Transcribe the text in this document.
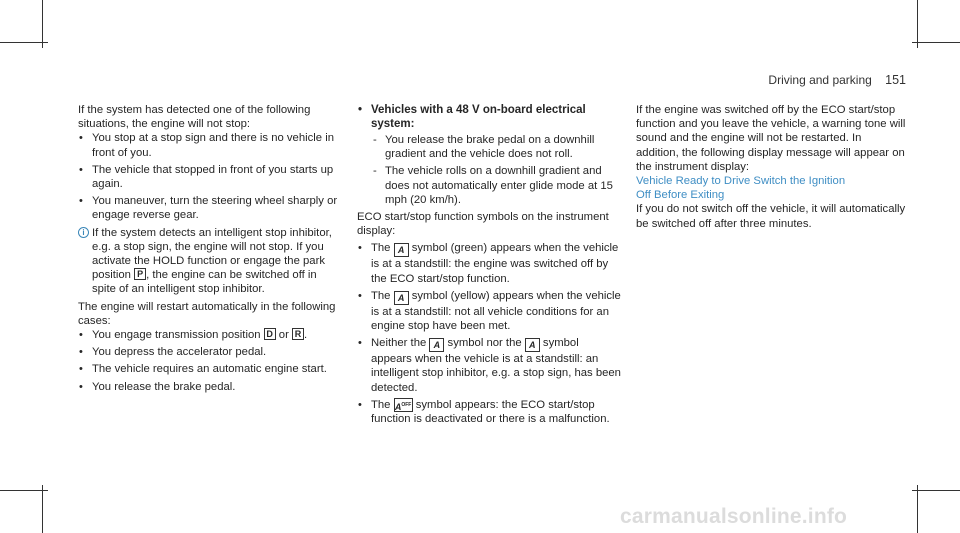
Driving and parking 151

If the system has detected one of the following situations, the engine will not stop:

• You stop at a stop sign and there is no vehicle in front of you.
• The vehicle that stopped in front of you starts up again.
• You maneuver, turn the steering wheel sharply or engage reverse gear.
i If the system detects an intelligent stop inhibitor, e.g. a stop sign, the engine will not stop. If you activate the HOLD function or engage the park position P , the engine can be switched off in spite of an intelligent stop inhibitor.

The engine will restart automatically in the following cases:

• You engage transmission position D or R .
• You depress the accelerator pedal.
• The vehicle requires an automatic engine start.
• You release the brake pedal.
• Vehicles with a 48 V on-board electrical system:
- You release the brake pedal on a downhill gradient and the vehicle does not roll.
- The vehicle rolls on a downhill gradient and does not automatically enter glide mode at 15 mph (20 km/h).

ECO start/stop function symbols on the instrument display:

• The A symbol (green) appears when the vehicle is at a standstill: the engine was switched off by the ECO start/stop function.
• The A symbol (yellow) appears when the vehicle is at a standstill: not all vehicle conditions for an engine stop have been met.
• Neither the A symbol nor the A symbol appears when the vehicle is at a standstill: an intelligent stop inhibitor, e.g. a stop sign, has been detected.
• The $A^{OFF}$ symbol appears: the ECO start/stop function is deactivated or there is a malfunction.

If the engine was switched off by the ECO start/stop function and you leave the vehicle, a warning tone will sound and the engine will not be restarted. In addition, the following display message will appear on the instrument display:

Vehicle Ready to Drive Switch the Ignition Off Before Exiting

If you do not switch off the vehicle, it will automatically be switched off after three minutes.

carmanualsonline.info
